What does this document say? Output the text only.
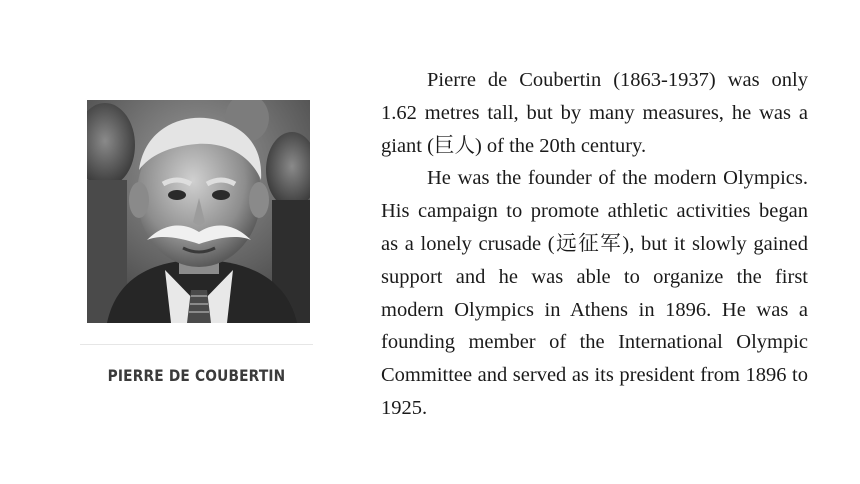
PIERRE DE COUBERTIN

Pierre de Coubertin (1863-1937) was only 1.62 metres tall, but by many measures, he was a giant (巨人) of the 20th century.

He was the founder of the modern Olympics. His campaign to promote athletic activities began as a lonely crusade (远征军), but it slowly gained support and he was able to organize the first modern Olympics in Athens in 1896. He was a founding member of the International Olympic Committee and served as its president from 1896 to 1925.
